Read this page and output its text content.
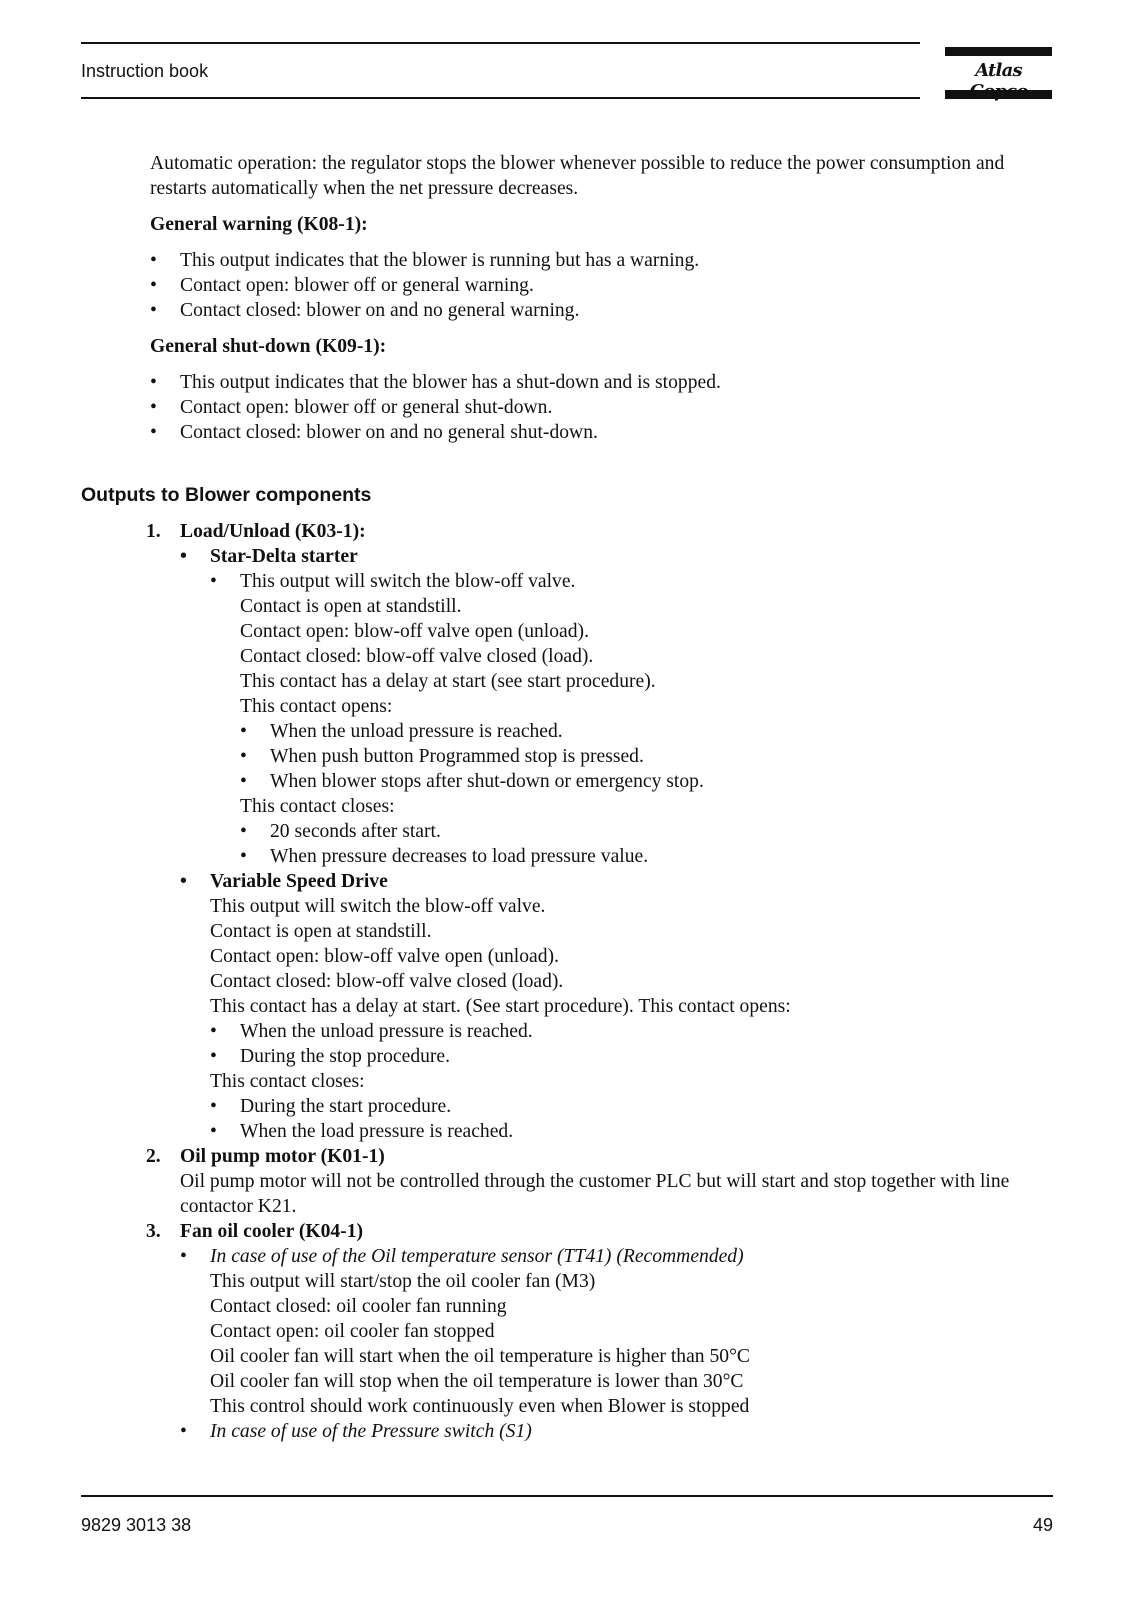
Instruction book	Atlas

Automatic operation: the regulator stops the blower whenever possible to reduce the power consumption and restarts automatically when the net pressure decreases.

General warning (K08-1):

• This output indicates that the blower is running but has a warning.
• Contact open: blower off or general warning.
• Contact closed: blower on and no general warning.

General shut-down (K09-1):

• This output indicates that the blower has a shut-down and is stopped.
• Contact open: blower off or general shut-down.
• Contact closed: blower on and no general shut-down.
Outputs to Blower components
1. Load/Unload (K03-1):
• Star-Delta starter
• This output will switch the blow-off valve.
Contact is open at standstill.
Contact open: blow-off valve open (unload).
Contact closed: blow-off valve closed (load).
This contact has a delay at start (see start procedure).
This contact opens:
• When the unload pressure is reached.
• When push button Programmed stop is pressed.
• When blower stops after shut-down or emergency stop.
This contact closes:
• 20 seconds after start.
• When pressure decreases to load pressure value.
• Variable Speed Drive
This output will switch the blow-off valve.
Contact is open at standstill.
Contact open: blow-off valve open (unload).
Contact closed: blow-off valve closed (load).
This contact has a delay at start. (See start procedure). This contact opens:
• When the unload pressure is reached.
• During the stop procedure.
This contact closes:
• During the start procedure.
• When the load pressure is reached.
2. Oil pump motor (K01-1)
Oil pump motor will not be controlled through the customer PLC but will start and stop together with line contactor K21.
3. Fan oil cooler (K04-1)
• In case of use of the Oil temperature sensor (TT41) (Recommended)
This output will start/stop the oil cooler fan (M3)
Contact closed: oil cooler fan running
Contact open: oil cooler fan stopped
Oil cooler fan will start when the oil temperature is higher than 50°C
Oil cooler fan will stop when the oil temperature is lower than 30°C
This control should work continuously even when Blower is stopped
• In case of use of the Pressure switch (S1)
9829 3013 38	49
